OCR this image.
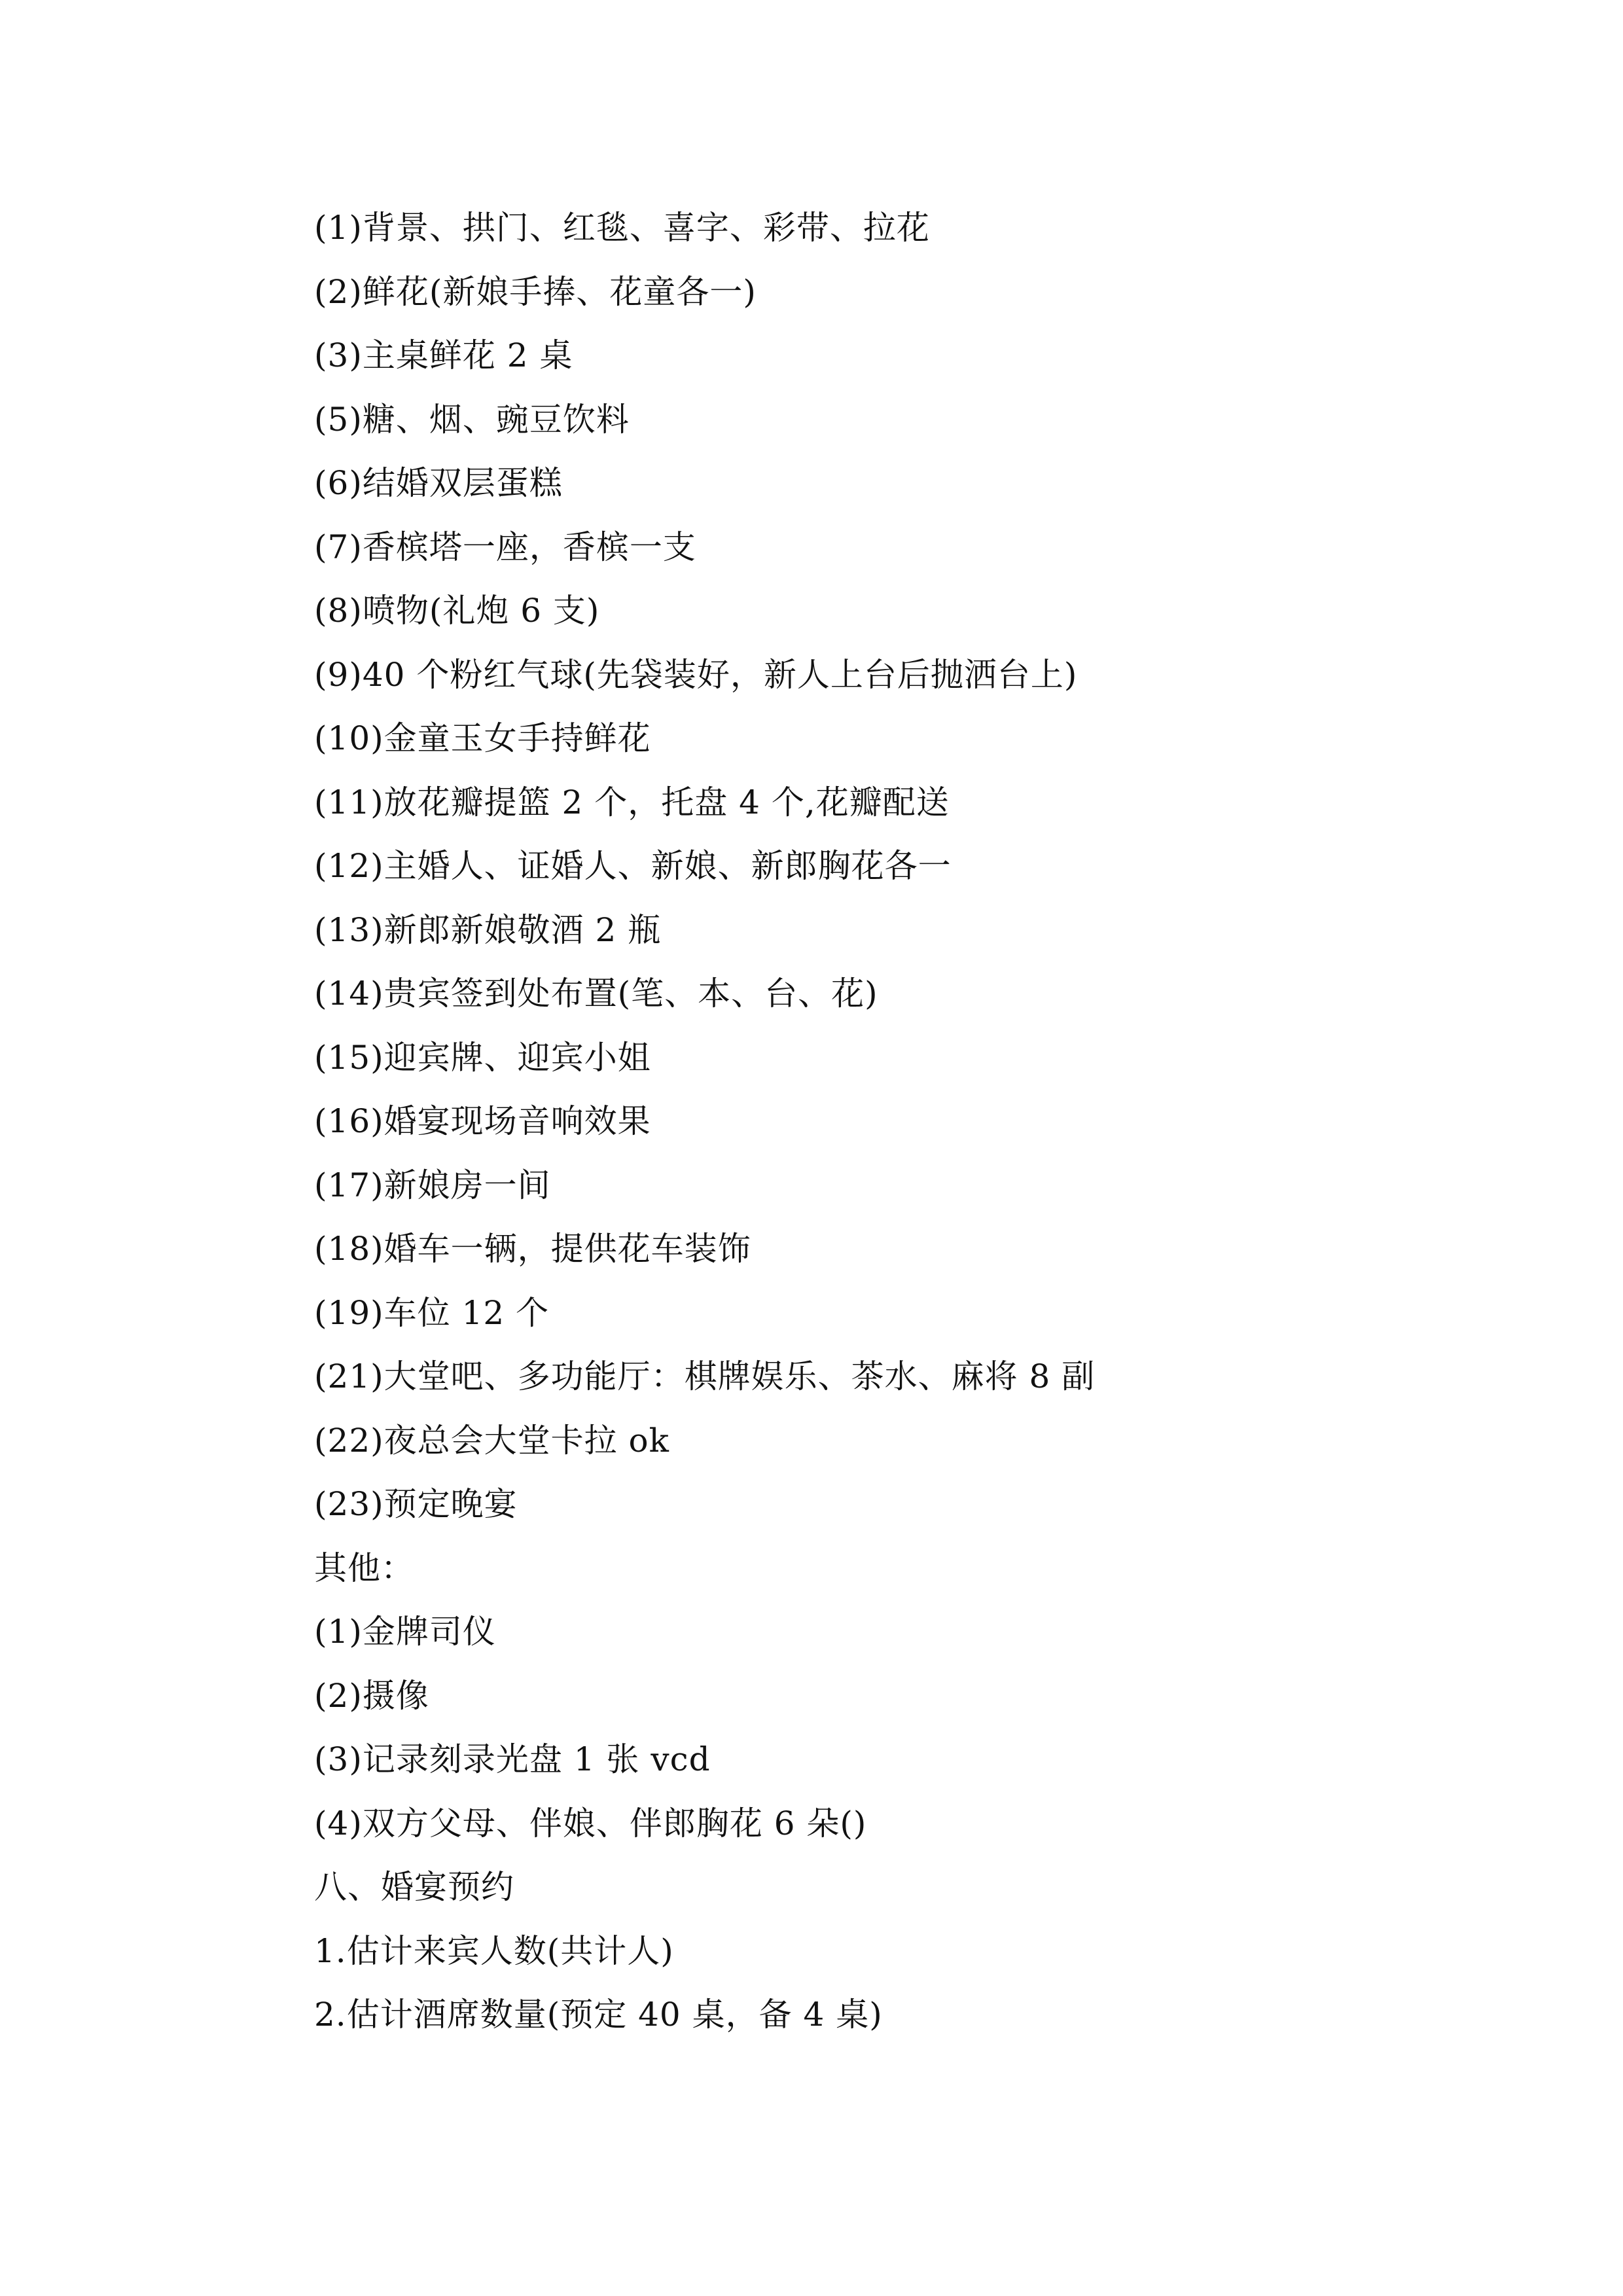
(1)背景、拱门、红毯、喜字、彩带、拉花
(2)鲜花(新娘手捧、花童各一)
(3)主桌鲜花 2 桌
(5)糖、烟、豌豆饮料
(6)结婚双层蛋糕
(7)香槟塔一座，香槟一支
(8)喷物(礼炮 6 支)
(9)40 个粉红气球(先袋装好，新人上台后抛洒台上)
(10)金童玉女手持鲜花
(11)放花瓣提篮 2 个，托盘 4 个,花瓣配送
(12)主婚人、证婚人、新娘、新郎胸花各一
(13)新郎新娘敬酒 2 瓶
(14)贵宾签到处布置(笔、本、台、花)
(15)迎宾牌、迎宾小姐
(16)婚宴现场音响效果
(17)新娘房一间
(18)婚车一辆，提供花车装饰
(19)车位 12 个
(21)大堂吧、多功能厅：棋牌娱乐、茶水、麻将 8 副
(22)夜总会大堂卡拉 ok
(23)预定晚宴
其他：
(1)金牌司仪
(2)摄像
(3)记录刻录光盘 1 张 vcd
(4)双方父母、伴娘、伴郎胸花 6 朵()
八、婚宴预约
1.估计来宾人数(共计人)
2.估计酒席数量(预定 40 桌，备 4 桌)
